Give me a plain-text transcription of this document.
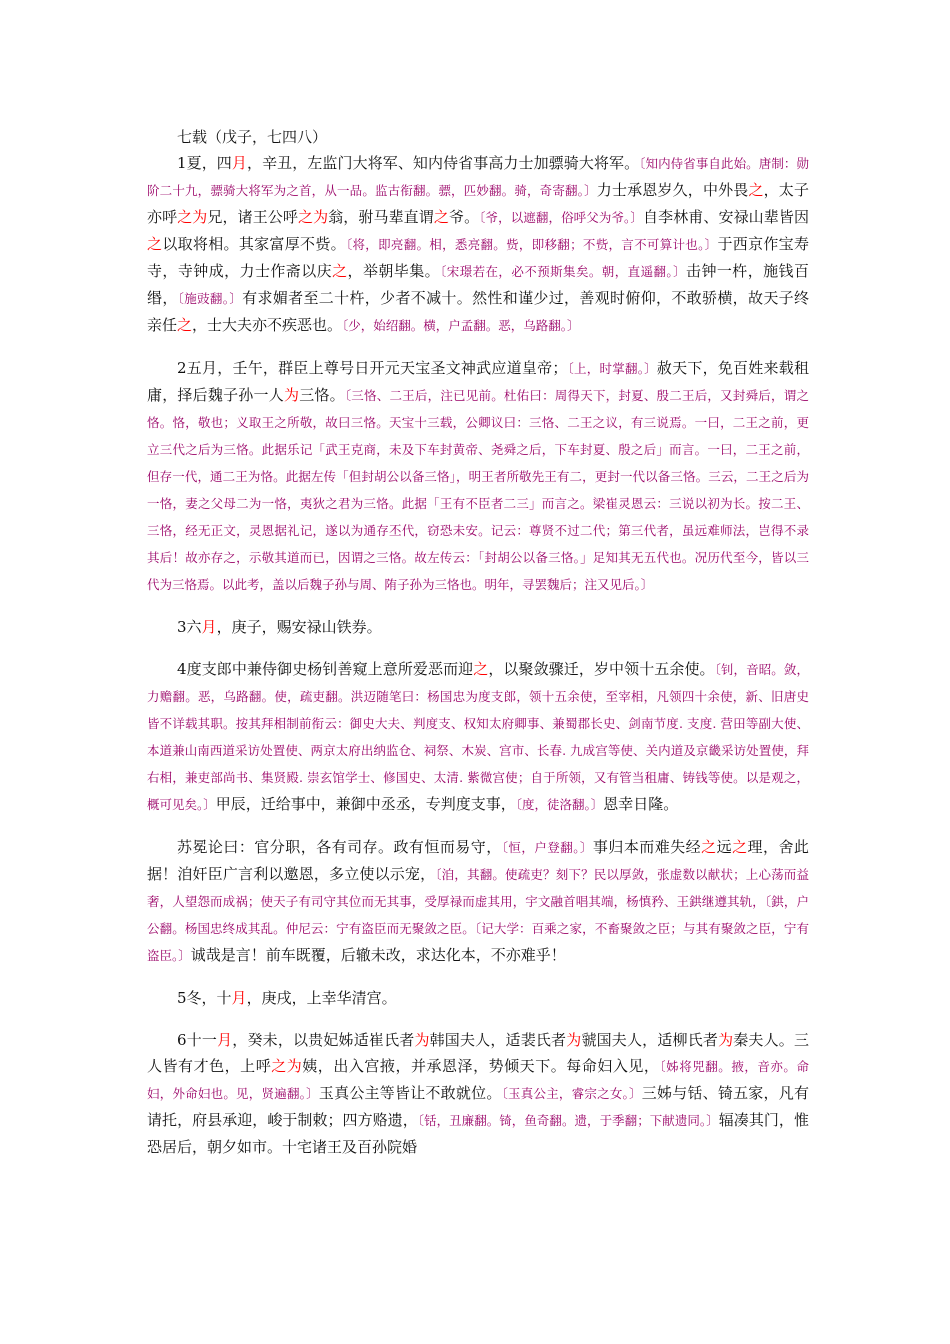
七载（戊子，七四八）

1夏，四月，辛丑，左监门大将军、知内侍省事高力士加骠骑大将军。〔知内侍省事自此始。唐制：勋阶二十九，骠骑大将军为之首，从一品。监古衔翻。骠，匹妙翻。骑，奇寄翻。〕力士承恩岁久，中外畏之，太子亦呼之为兄，诸王公呼之为翁，驸马辈直谓之爷。〔爷，以遮翻，俗呼父为爷。〕自李林甫、安禄山辈皆因之以取将相。其家富厚不赀。〔将，即亮翻。相，悉亮翻。赀，即移翻；不赀，言不可算计也。〕于西京作宝寿寺，寺钟成，力士作斋以庆之，举朝毕集。〔宋璟若在，必不预斯集矣。朝，直遥翻。〕击钟一杵，施钱百缗，〔施豉翻。〕有求媚者至二十杵，少者不减十。然性和谨少过，善观时俯仰，不敢骄横，故天子终亲任之，士大夫亦不疾恶也。〔少，始绍翻。横，户孟翻。恶，乌路翻。〕

2五月，壬午，群臣上尊号日开元天宝圣文神武应道皇帝；〔上，时掌翻。〕赦天下，免百姓来载租庸，择后魏子孙一人为三恪。〔三恪、二王后，注已见前。杜佑曰：周得天下，封夏、殷二王后，又封舜后，谓之恪。恪，敬也；义取王之所敬，故曰三恪。天宝十三载，公卿议曰：三恪、二王之议，有三说焉。一曰，二王之前，更立三代之后为三恪。此据乐记「武王克商，未及下车封黄帝、尧舜之后，下车封夏、殷之后」而言。一曰，二王之前，但存一代，通二王为恪。此据左传「但封胡公以备三恪」，明王者所敬先王有二，更封一代以备三恪。三云，二王之后为一恪，妻之父母二为一恪，夷狄之君为三恪。此据「王有不臣者二三」而言之。梁崔灵恩云：三说以初为长。按二王、三恪，经无正文，灵恩据礼记，遂以为通存丕代，窃恐未安。记云：尊贤不过二代；第三代者，虽远难师法，岂得不录其后！故亦存之，示敬其道而已，因谓之三恪。故左传云：「封胡公以备三恪。」足知其无五代也。况历代至今，皆以三代为三恪焉。以此考，盖以后魏子孙与周、陏子孙为三恪也。明年，寻罢魏后；注又见后。〕

3六月，庚子，赐安禄山铁券。

4度支郎中兼侍御史杨钊善窥上意所爱恶而迎之，以聚敛骤迁，岁中领十五余使。〔钊，音昭。敛，力赡翻。恶，乌路翻。使，疏吏翻。洪迈随笔曰：杨国忠为度支郎，领十五余使，至宰相，凡领四十余使，新、旧唐史皆不详载其职。按其拜相制前衔云：御史大夫、判度支、权知太府卿事、兼蜀郡长史、剑南节度. 支度. 营田等副大使、本道兼山南西道采访处置使、两京太府出纳监仓、祠祭、木炭、宫市、长春. 九成宫等使、关内道及京畿采访处置使，拜右相，兼吏部尚书、集贤殿. 崇玄馆学士、修国史、太清. 紫微宫使；自于所领，又有管当租庸、铸钱等使。以是观之，概可见矣。〕甲辰，迁给事中，兼御中丞丞，专判度支事，〔度，徒洛翻。〕恩幸日隆。

苏冕论曰：官分职，各有司存。政有恒而易守，〔恒，户登翻。〕事归本而难失经之远之理，舍此据！洎奸臣广言利以邀恩，多立使以示宠，〔洎，其翻。使疏吏？刻下？民以厚敛，张虚数以献状；上心荡而益奢，人望怨而成祸；使天子有司守其位而无其事，受厚禄而虚其用，宇文融首唱其端，杨慎矜、王鉷继遵其轨，〔鉷，户公翻。杨国忠终成其乱。仲尼云：宁有盗臣而无聚敛之臣。〔记大学：百乘之家，不畜聚敛之臣；与其有聚敛之臣，宁有盗臣。〕诚哉是言！前车既覆，后辙未改，求达化本，不亦难乎！

5冬，十月，庚戌，上幸华清宫。

6十一月，癸未，以贵妃姊适崔氏者为韩国夫人，适裴氏者为虢国夫人，适柳氏者为秦夫人。三人皆有才色，上呼之为姨，出入宫掖，并承恩泽，势倾天下。每命妇入见，〔姊将兕翻。掖，音亦。命妇，外命妇也。见，贤遍翻。〕玉真公主等皆让不敢就位。〔玉真公主，睿宗之女。〕三姊与铦、锜五家，凡有请托，府县承迎，峻于制敕；四方赂遗，〔铦，丑廉翻。锜，鱼奇翻。遗，于季翻；下献遗同。〕辐凑其门，惟恐居后，朝夕如市。十宅诸王及百孙院婚
